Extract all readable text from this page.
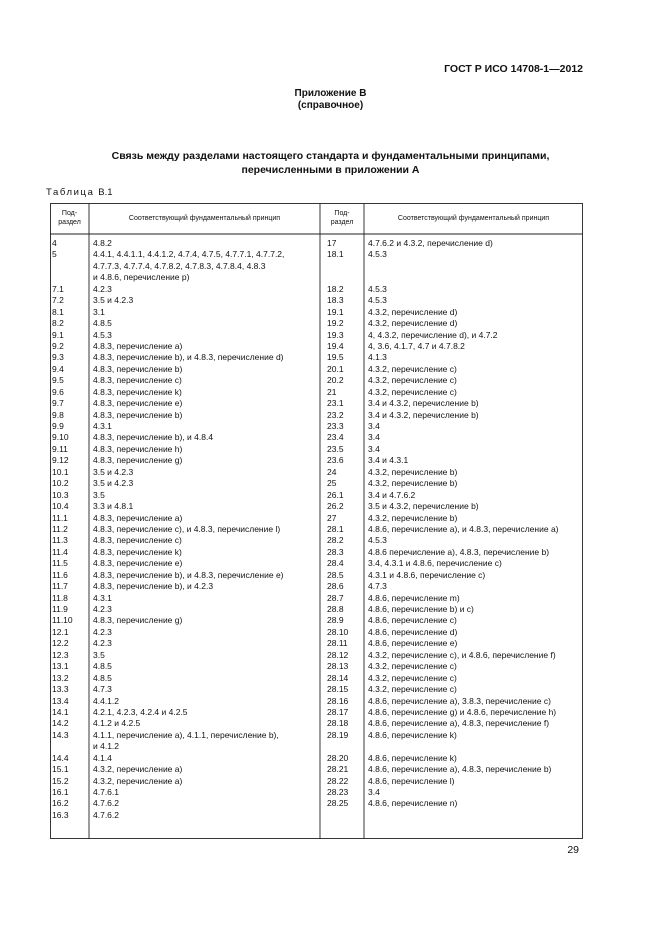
ГОСТ Р ИСО 14708-1—2012
Приложение В
(справочное)
Связь между разделами настоящего стандарта и фундаментальными принципами,
перечисленными в приложении А
Таблица В.1
Под-
раздел
Соответствующий фундаментальный принцип
Под-
раздел
Соответствующий фундаментальный принцип
4
5
7.1
7.2
8.1
8.2
9.1
9.2
9.3
9.4
9.5
9.6
9.7
9.8
9.9
9.10
9.11
9.12
10.1
10.2
10.3
10.4
11.1
11.2
11.3
11.4
11.5
11.6
11.7
11.8
11.9
11.10
12.1
12.2
12.3
13.1
13.2
13.3
13.4
14.1
14.2
14.3
14.4
15.1
15.2
16.1
16.2
16.3
4.8.2
4.4.1, 4.4.1.1, 4.4.1.2, 4.7.4, 4.7.5, 4.7.7.1, 4.7.7.2,
4.7.7.3, 4.7.7.4, 4.7.8.2, 4.7.8.3, 4.7.8.4, 4.8.3
и 4.8.6, перечисление р)
4.2.3
3.5 и 4.2.3
3.1
4.8.5
4.5.3
4.8.3, перечисление а)
4.8.3, перечисление b), и 4.8.3, перечисление d)
4.8.3, перечисление b)
4.8.3, перечисление с)
4.8.3, перечисление k)
4.8.3, перечисление е)
4.8.3, перечисление b)
4.3.1
4.8.3, перечисление b), и 4.8.4
4.8.3, перечисление h)
4.8.3, перечисление g)
3.5 и 4.2.3
3.5 и 4.2.3
3.5
3.3 и 4.8.1
4.8.3, перечисление а)
4.8.3, перечисление с), и 4.8.3, перечисление l)
4.8.3, перечисление с)
4.8.3, перечисление k)
4.8.3, перечисление е)
4.8.3, перечисление b), и 4.8.3, перечисление е)
4.8.3, перечисление b), и 4.2.3
4.3.1
4.2.3
4.8.3, перечисление g)
4.2.3
4.2.3
3.5
4.8.5
4.8.5
4.7.3
4.4.1.2
4.2.1, 4.2.3, 4.2.4 и 4.2.5
4.1.2 и 4.2.5
4.1.1, перечисление а), 4.1.1, перечисление b),
и 4.1.2
4.1.4
4.3.2, перечисление а)
4.3.2, перечисление а)
4.7.6.1
4.7.6.2
4.7.6.2
17
18.1
18.2
18.3
19.1
19.2
19.3
19.4
19.5
20.1
20.2
21
23.1
23.2
23.3
23.4
23.5
23.6
24
25
26.1
26.2
27
28.1
28.2
28.3
28.4
28.5
28.6
28.7
28.8
28.9
28.10
28.11
28.12
28.13
28.14
28.15
28.16
28.17
28.18
28.19
28.20
28.21
28.22
28.23
28.25
4.7.6.2 и 4.3.2, перечисление d)
4.5.3
4.5.3
4.5.3
4.3.2, перечисление d)
4.3.2, перечисление d)
4, 4.3.2, перечисление d), и 4.7.2
4, 3.6, 4.1.7, 4.7 и 4.7.8.2
4.1.3
4.3.2, перечисление с)
4.3.2, перечисление с)
4.3.2, перечисление с)
3.4 и 4.3.2, перечисление b)
3.4 и 4.3.2, перечисление b)
3.4
3.4
3.4
3.4 и 4.3.1
4.3.2, перечисление b)
4.3.2, перечисление b)
3.4 и 4.7.6.2
3.5 и 4.3.2, перечисление b)
4.3.2, перечисление b)
4.8.6, перечисление а), и 4.8.3, перечисление а)
4.5.3
4.8.6 перечисление а), 4.8.3, перечисление b)
3.4, 4.3.1 и 4.8.6, перечисление с)
4.3.1 и 4.8.6, перечисление с)
4.7.3
4.8.6, перечисление m)
4.8.6, перечисление b) и с)
4.8.6, перечисление с)
4.8.6, перечисление d)
4.8.6, перечисление е)
4.3.2, перечисление с), и 4.8.6, перечисление f)
4.3.2, перечисление с)
4.3.2, перечисление с)
4.3.2, перечисление с)
4.8.6, перечисление а), 3.8.3, перечисление с)
4.8.6, перечисление g) и 4.8.6, перечисление h)
4.8.6, перечисление а), 4.8.3, перечисление f)
4.8.6, перечисление k)
4.8.6, перечисление k)
4.8.6, перечисление а), 4.8.3, перечисление b)
4.8.6, перечисление l)
3.4
4.8.6, перечисление n)
29
